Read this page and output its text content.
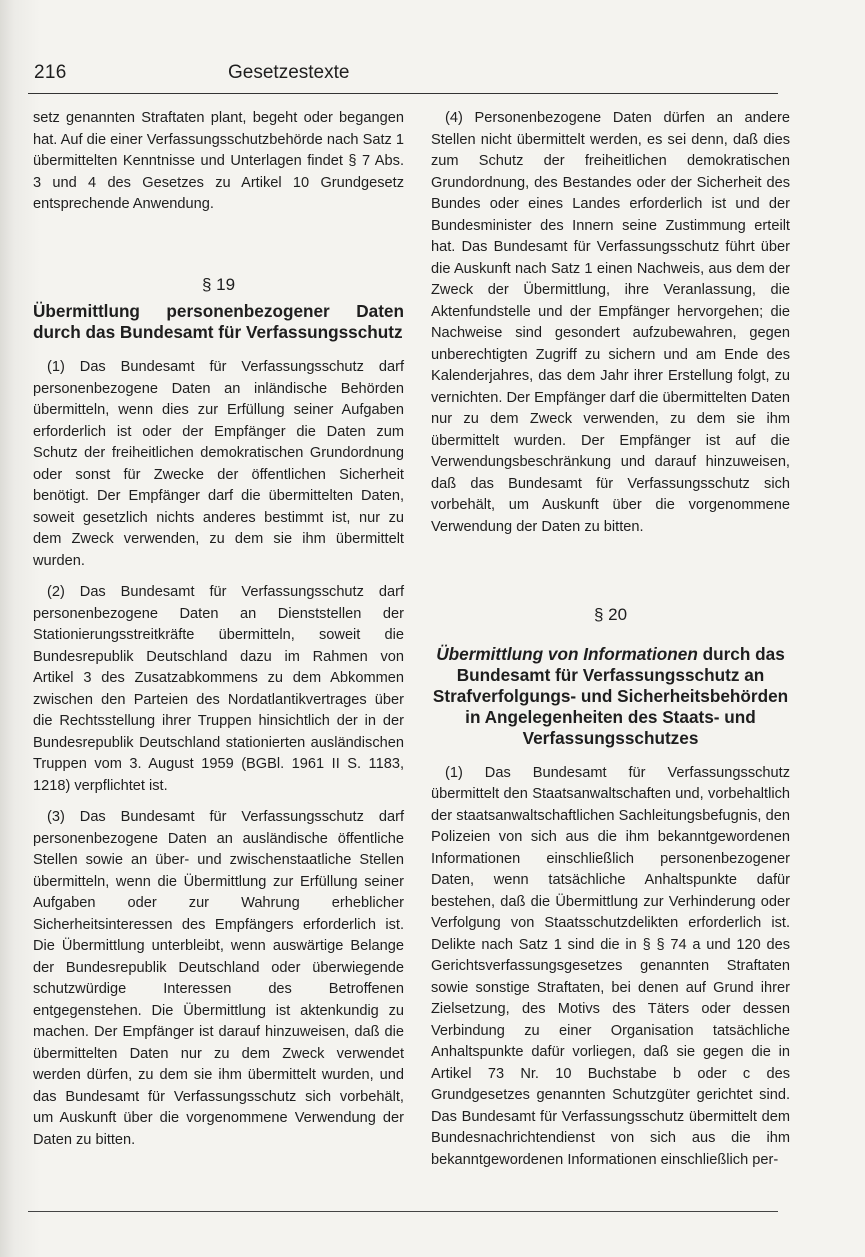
216	Gesetzestexte

setz genannten Straftaten plant, begeht oder begangen hat. Auf die einer Verfassungsschutzbehörde nach Satz 1 übermittelten Kenntnisse und Unterlagen findet § 7 Abs. 3 und 4 des Gesetzes zu Artikel 10 Grundgesetz entsprechende Anwendung.

§ 19

Übermittlung personenbezogener Daten durch das Bundesamt für Verfassungsschutz

(1) Das Bundesamt für Verfassungsschutz darf personenbezogene Daten an inländische Behörden übermitteln, wenn dies zur Erfüllung seiner Aufgaben erforderlich ist oder der Empfänger die Daten zum Schutz der freiheitlichen demokratischen Grundordnung oder sonst für Zwecke der öffentlichen Sicherheit benötigt. Der Empfänger darf die übermittelten Daten, soweit gesetzlich nichts anderes bestimmt ist, nur zu dem Zweck verwenden, zu dem sie ihm übermittelt wurden.

(2) Das Bundesamt für Verfassungsschutz darf personenbezogene Daten an Dienststellen der Stationierungsstreitkräfte übermitteln, soweit die Bundesrepublik Deutschland dazu im Rahmen von Artikel 3 des Zusatzabkommens zu dem Abkommen zwischen den Parteien des Nordatlantikvertrages über die Rechtsstellung ihrer Truppen hinsichtlich der in der Bundesrepublik Deutschland stationierten ausländischen Truppen vom 3. August 1959 (BGBl. 1961 II S. 1183, 1218) verpflichtet ist.

(3) Das Bundesamt für Verfassungsschutz darf personenbezogene Daten an ausländische öffentliche Stellen sowie an über- und zwischenstaatliche Stellen übermitteln, wenn die Übermittlung zur Erfüllung seiner Aufgaben oder zur Wahrung erheblicher Sicherheitsinteressen des Empfängers erforderlich ist. Die Übermittlung unterbleibt, wenn auswärtige Belange der Bundesrepublik Deutschland oder überwiegende schutzwürdige Interessen des Betroffenen entgegenstehen. Die Übermittlung ist aktenkundig zu machen. Der Empfänger ist darauf hinzuweisen, daß die übermittelten Daten nur zu dem Zweck verwendet werden dürfen, zu dem sie ihm übermittelt wurden, und das Bundesamt für Verfassungsschutz sich vorbehält, um Auskunft über die vorgenommene Verwendung der Daten zu bitten.

(4) Personenbezogene Daten dürfen an andere Stellen nicht übermittelt werden, es sei denn, daß dies zum Schutz der freiheitlichen demokratischen Grundordnung, des Bestandes oder der Sicherheit des Bundes oder eines Landes erforderlich ist und der Bundesminister des Innern seine Zustimmung erteilt hat. Das Bundesamt für Verfassungsschutz führt über die Auskunft nach Satz 1 einen Nachweis, aus dem der Zweck der Übermittlung, ihre Veranlassung, die Aktenfundstelle und der Empfänger hervorgehen; die Nachweise sind gesondert aufzubewahren, gegen unberechtigten Zugriff zu sichern und am Ende des Kalenderjahres, das dem Jahr ihrer Erstellung folgt, zu vernichten. Der Empfänger darf die übermittelten Daten nur zu dem Zweck verwenden, zu dem sie ihm übermittelt wurden. Der Empfänger ist auf die Verwendungsbeschränkung und darauf hinzuweisen, daß das Bundesamt für Verfassungsschutz sich vorbehält, um Auskunft über die vorgenommene Verwendung der Daten zu bitten.

§ 20

Übermittlung von Informationen durch das Bundesamt für Verfassungsschutz an Strafverfolgungs- und Sicherheitsbehörden in Angelegenheiten des Staats- und Verfassungsschutzes

(1) Das Bundesamt für Verfassungsschutz übermittelt den Staatsanwaltschaften und, vorbehaltlich der staatsanwaltschaftlichen Sachleitungsbefugnis, den Polizeien von sich aus die ihm bekanntgewordenen Informationen einschließlich personenbezogener Daten, wenn tatsächliche Anhaltspunkte dafür bestehen, daß die Übermittlung zur Verhinderung oder Verfolgung von Staatsschutzdelikten erforderlich ist. Delikte nach Satz 1 sind die in § § 74 a und 120 des Gerichtsverfassungsgesetzes genannten Straftaten sowie sonstige Straftaten, bei denen auf Grund ihrer Zielsetzung, des Motivs des Täters oder dessen Verbindung zu einer Organisation tatsächliche Anhaltspunkte dafür vorliegen, daß sie gegen die in Artikel 73 Nr. 10 Buchstabe b oder c des Grundgesetzes genannten Schutzgüter gerichtet sind. Das Bundesamt für Verfassungsschutz übermittelt dem Bundesnachrichtendienst von sich aus die ihm bekanntgewordenen Informationen einschließlich per-
